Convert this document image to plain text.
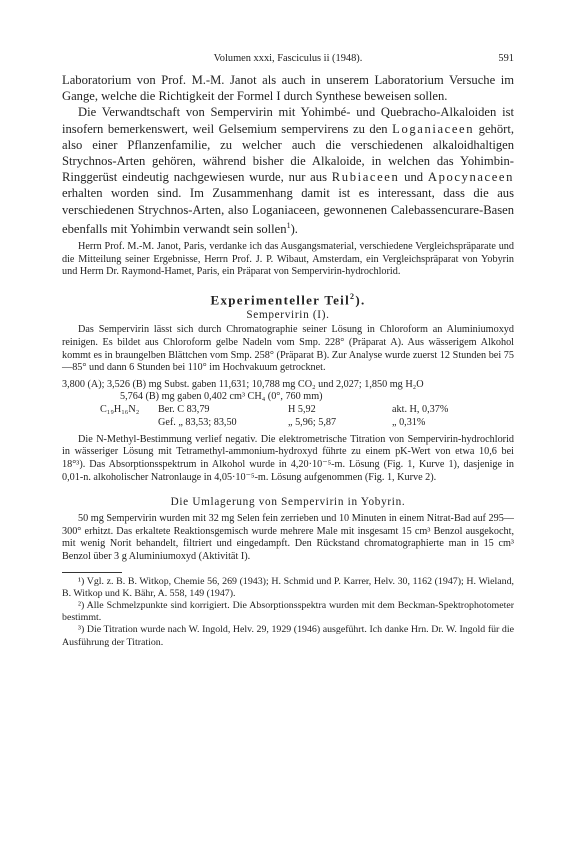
Volumen xxxi, Fasciculus ii (1948).	591

Laboratorium von Prof. M.-M. Janot als auch in unserem Laboratorium Versuche im Gange, welche die Richtigkeit der Formel I durch Synthese beweisen sollen.

Die Verwandtschaft von Sempervirin mit Yohimbé- und Quebracho-Alkaloiden ist insofern bemerkenswert, weil Gelsemium sempervirens zu den Loganiaceen gehört, also einer Pflanzenfamilie, zu welcher auch die verschiedenen alkaloidhaltigen Strychnos-Arten gehören, während bisher die Alkaloide, in welchen das Yohimbin-Ringgerüst eindeutig nachgewiesen wurde, nur aus Rubiaceen und Apocynaceen erhalten worden sind. Im Zusammenhang damit ist es interessant, dass die aus verschiedenen Strychnos-Arten, also Loganiaceen, gewonnenen Calebassencurare-Basen ebenfalls mit Yohimbin verwandt sein sollen$^1$).

Herrn Prof. M.-M. Janot, Paris, verdanke ich das Ausgangsmaterial, verschiedene Vergleichspräparate und die Mitteilung seiner Ergebnisse, Herrn Prof. J. P. Wibaut, Amsterdam, ein Vergleichspräparat von Yobyrin und Herrn Dr. Raymond-Hamet, Paris, ein Präparat von Sempervirin-hydrochlorid.

Experimenteller Teil$^2$).

Sempervirin (I).

Das Sempervirin lässt sich durch Chromatographie seiner Lösung in Chloroform an Aluminiumoxyd reinigen. Es bildet aus Chloroform gelbe Nadeln vom Smp. 228° (Präparat A). Aus wässerigem Alkohol kommt es in braungelben Blättchen vom Smp. 258° (Präparat B). Zur Analyse wurde zuerst 12 Stunden bei 75—85° und dann 6 Stunden bei 110° im Hochvakuum getrocknet.

3,800 (A); 3,526 (B) mg Subst. gaben 11,631; 10,788 mg CO₂ und 2,027; 1,850 mg H₂O
5,764 (B) mg gaben 0,402 cm³ CH₄ (0°, 760 mm)
C₁₉H₁₆N₂ Ber. C 83,79	H 5,92	akt. H, 0,37%
Gef. „ 83,53; 83,50	„ 5,96; 5,87	„ 0,31%

Die N-Methyl-Bestimmung verlief negativ. Die elektrometrische Titration von Sempervirin-hydrochlorid in wässeriger Lösung mit Tetramethyl-ammonium-hydroxyd führte zu einem pK-Wert von etwa 10,6 bei 18°³). Das Absorptionsspektrum in Alkohol wurde in 4,20·10⁻⁵-m. Lösung (Fig. 1, Kurve 1), dasjenige in 0,01-n. alkoholischer Natronlauge in 4,05·10⁻⁵-m. Lösung aufgenommen (Fig. 1, Kurve 2).

Die Umlagerung von Sempervirin in Yobyrin.

50 mg Sempervirin wurden mit 32 mg Selen fein zerrieben und 10 Minuten in einem Nitrat-Bad auf 295—300° erhitzt. Das erkaltete Reaktionsgemisch wurde mehrere Male mit insgesamt 15 cm³ Benzol ausgekocht, mit wenig Norit behandelt, filtriert und eingedampft. Den Rückstand chromatographierte man in 15 cm³ Benzol über 3 g Aluminiumoxyd (Aktivität I).

¹) Vgl. z. B. B. Witkop, Chemie 56, 269 (1943); H. Schmid und P. Karrer, Helv. 30, 1162 (1947); H. Wieland, B. Witkop und K. Bähr, A. 558, 149 (1947).

²) Alle Schmelzpunkte sind korrigiert. Die Absorptionsspektra wurden mit dem Beckman-Spektrophotometer bestimmt.

³) Die Titration wurde nach W. Ingold, Helv. 29, 1929 (1946) ausgeführt. Ich danke Hrn. Dr. W. Ingold für die Ausführung der Titration.
